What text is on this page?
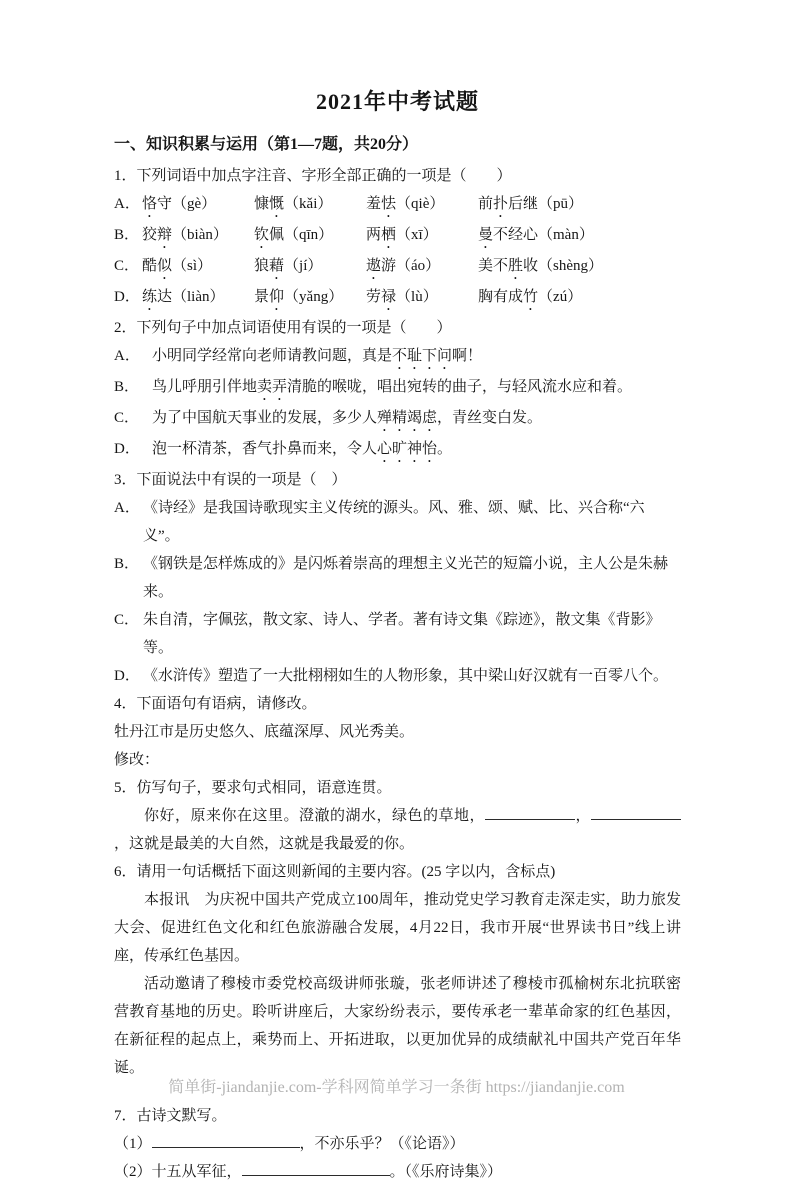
2021年中考试题
一、知识积累与运用（第1—7题，共20分）

1．下列词语中加点字注音、字形全部正确的一项是（　　）

A． 恪守（gè）	慷慨（kǎi）	羞怯（qiè）	前扑后继（pū）
B． 狡辩（biàn）	钦佩（qīn）	两栖（xī）	曼不经心（màn）
C． 酷似（sì）	狼藉（jí）	遨游（áo）	美不胜收（shèng）
D． 练达（liàn）	景仰（yǎng）	劳禄（lù）	胸有成竹（zú）

2．下列句子中加点词语使用有误的一项是（　　）

A． 小明同学经常向老师请教问题，真是不耻下问啊！
B． 鸟儿呼朋引伴地卖弄清脆的喉咙，唱出宛转的曲子，与轻风流水应和着。
C． 为了中国航天事业的发展，多少人殚精竭虑，青丝变白发。
D． 泡一杯清茶，香气扑鼻而来，令人心旷神怡。

3．下面说法中有误的一项是（　）

A． 《诗经》是我国诗歌现实主义传统的源头。风、雅、颂、赋、比、兴合称“六义”。
B． 《钢铁是怎样炼成的》是闪烁着崇高的理想主义光芒的短篇小说，主人公是朱赫来。
C． 朱自清，字佩弦，散文家、诗人、学者。著有诗文集《踪迹》，散文集《背影》等。
D． 《水浒传》塑造了一大批栩栩如生的人物形象，其中梁山好汉就有一百零八个。

4．下面语句有语病，请修改。

牡丹江市是历史悠久、底蕴深厚、风光秀美。

修改：

5．仿写句子，要求句式相同，语意连贯。

你好，原来你在这里。澄澈的湖水，绿色的草地，	，，这就是最美的大自然，这就是我最爱的你。

6．请用一句话概括下面这则新闻的主要内容。(25 字以内，含标点)

本报讯　为庆祝中国共产党成立100周年，推动党史学习教育走深走实，助力旅发大会、促进红色文化和红色旅游融合发展，4月22日，我市开展“世界读书日”线上讲座，传承红色基因。

活动邀请了穆棱市委党校高级讲师张璇，张老师讲述了穆棱市孤榆树东北抗联密营教育基地的历史。聆听讲座后，大家纷纷表示，要传承老一辈革命家的红色基因，在新征程的起点上，乘势而上、开拓进取，以更加优异的成绩献礼中国共产党百年华诞。

7．古诗文默写。

（1）	，不亦乐乎？（《论语》）

（2）十五从军征，	。（《乐府诗集》）

简单街-jiandanjie.com-学科网简单学习一条街 https://jiandanjie.com
